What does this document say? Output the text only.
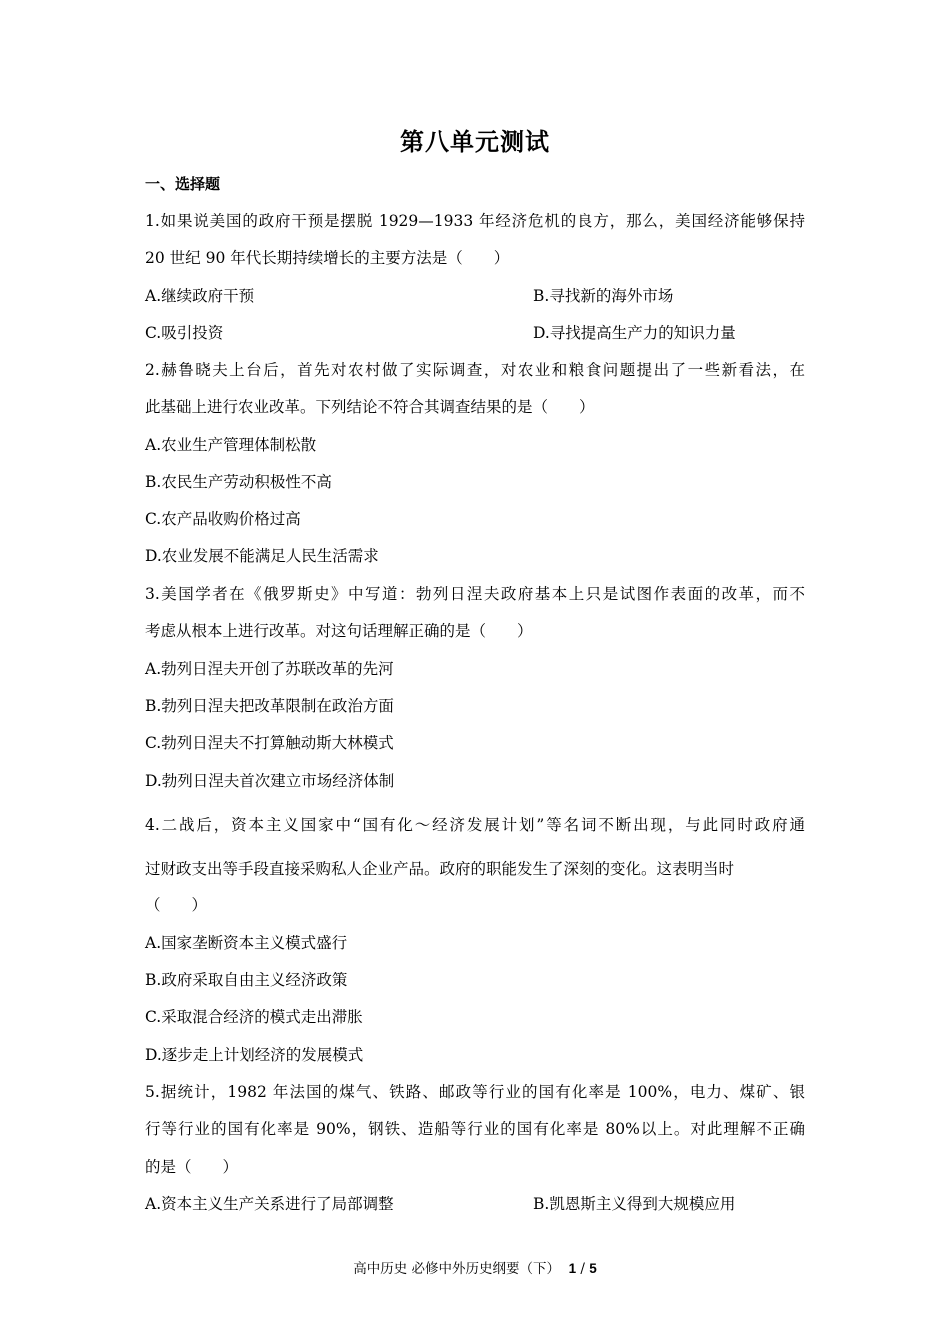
第八单元测试
一、选择题
1.如果说美国的政府干预是摆脱 1929—1933 年经济危机的良方，那么，美国经济能够保持
20 世纪 90 年代长期持续增长的主要方法是（　　）
A.继续政府干预	B.寻找新的海外市场
C.吸引投资	D.寻找提高生产力的知识力量
2.赫鲁晓夫上台后，首先对农村做了实际调查，对农业和粮食问题提出了一些新看法，在
此基础上进行农业改革。下列结论不符合其调查结果的是（　　）
A.农业生产管理体制松散
B.农民生产劳动积极性不高
C.农产品收购价格过高
D.农业发展不能满足人民生活需求
3.美国学者在《俄罗斯史》中写道：勃列日涅夫政府基本上只是试图作表面的改革，而不
考虑从根本上进行改革。对这句话理解正确的是（　　）
A.勃列日涅夫开创了苏联改革的先河
B.勃列日涅夫把改革限制在政治方面
C.勃列日涅夫不打算触动斯大林模式
D.勃列日涅夫首次建立市场经济体制
4.二战后，资本主义国家中“国有化～经济发展计划”等名词不断出现，与此同时政府通
过财政支出等手段直接采购私人企业产品。政府的职能发生了深刻的变化。这表明当时
（　　）
A.国家垄断资本主义模式盛行
B.政府采取自由主义经济政策
C.采取混合经济的模式走出滞胀
D.逐步走上计划经济的发展模式
5.据统计，1982 年法国的煤气、铁路、邮政等行业的国有化率是 100%，电力、煤矿、银
行等行业的国有化率是 90%，钢铁、造船等行业的国有化率是 80%以上。对此理解不正确
的是（　　）
A.资本主义生产关系进行了局部调整	B.凯恩斯主义得到大规模应用
高中历史 必修中外历史纲要（下） 1 / 5
